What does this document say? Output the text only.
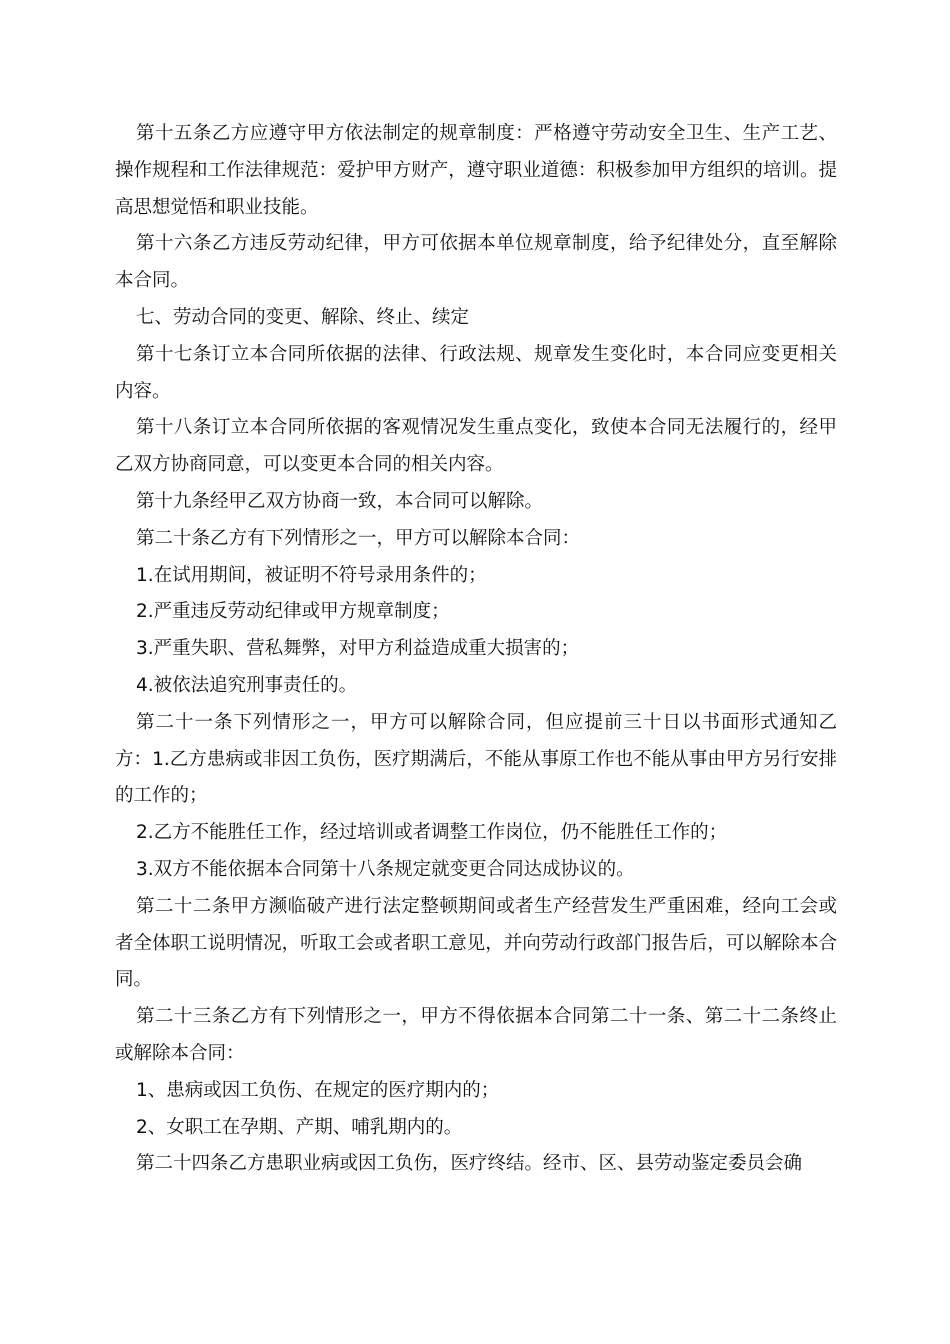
第十五条乙方应遵守甲方依法制定的规章制度：严格遵守劳动安全卫生、生产工艺、操作规程和工作法律规范：爱护甲方财产，遵守职业道德：积极参加甲方组织的培训。提高思想觉悟和职业技能。

第十六条乙方违反劳动纪律，甲方可依据本单位规章制度，给予纪律处分，直至解除本合同。

七、劳动合同的变更、解除、终止、续定

第十七条订立本合同所依据的法律、行政法规、规章发生变化时，本合同应变更相关内容。

第十八条订立本合同所依据的客观情况发生重点变化，致使本合同无法履行的，经甲乙双方协商同意，可以变更本合同的相关内容。

第十九条经甲乙双方协商一致，本合同可以解除。

第二十条乙方有下列情形之一，甲方可以解除本合同：

1.在试用期间，被证明不符号录用条件的；

2.严重违反劳动纪律或甲方规章制度；

3.严重失职、营私舞弊，对甲方利益造成重大损害的；

4.被依法追究刑事责任的。

第二十一条下列情形之一，甲方可以解除合同，但应提前三十日以书面形式通知乙方：1.乙方患病或非因工负伤，医疗期满后，不能从事原工作也不能从事由甲方另行安排的工作的；

2.乙方不能胜任工作，经过培训或者调整工作岗位，仍不能胜任工作的；

3.双方不能依据本合同第十八条规定就变更合同达成协议的。

第二十二条甲方濒临破产进行法定整顿期间或者生产经营发生严重困难，经向工会或者全体职工说明情况，听取工会或者职工意见，并向劳动行政部门报告后，可以解除本合同。

第二十三条乙方有下列情形之一，甲方不得依据本合同第二十一条、第二十二条终止或解除本合同：

1、患病或因工负伤、在规定的医疗期内的；

2、女职工在孕期、产期、哺乳期内的。

第二十四条乙方患职业病或因工负伤，医疗终结。经市、区、县劳动鉴定委员会确
